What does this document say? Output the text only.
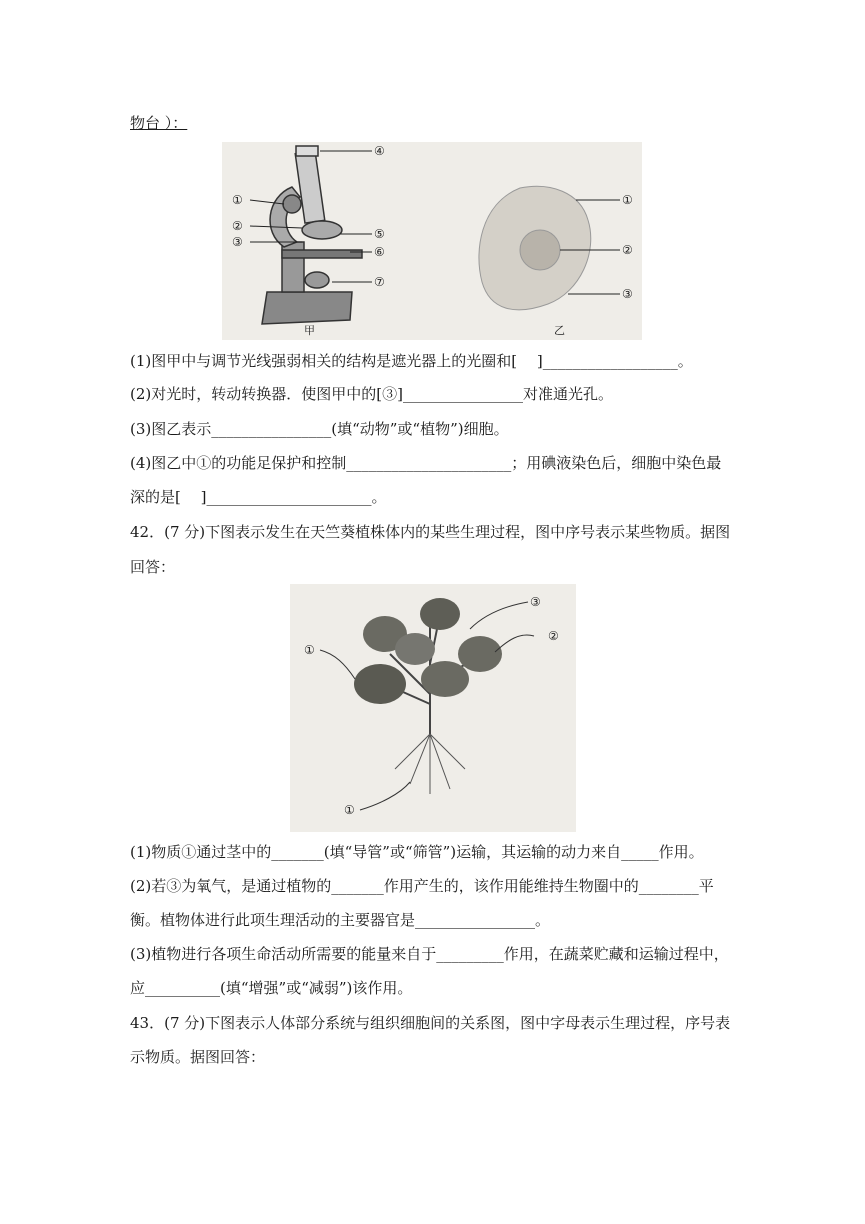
物台 ）：
④
①
②
③
⑤
⑥
⑦
甲
①
②
③
乙
(1)图甲中与调节光线强弱相关的结构是遮光器上的光圈和[　 ]__________________。
(2)对光时，转动转换器．使图甲中的[③]________________对准通光孔。
(3)图乙表示________________(填“动物”或“植物”)细胞。
(4)图乙中①的功能足保护和控制______________________；用碘液染色后，细胞中染色最
深的是[　 ]______________________。
42．(7 分)下图表示发生在天竺葵植株体内的某些生理过程，图中序号表示某些物质。据图
回答：
①
②
③
①
(1)物质①通过茎中的_______(填“导管”或“筛管”)运输，其运输的动力来自_____作用。
(2)若③为氧气，是通过植物的_______作用产生的，该作用能维持生物圈中的________平
衡。植物体进行此项生理活动的主要器官是________________。
(3)植物进行各项生命活动所需要的能量来自于_________作用，在蔬菜贮藏和运输过程中，
应__________(填“增强”或“减弱”)该作用。
43．(7 分)下图表示人体部分系统与组织细胞间的关系图，图中字母表示生理过程，序号表
示物质。据图回答：
